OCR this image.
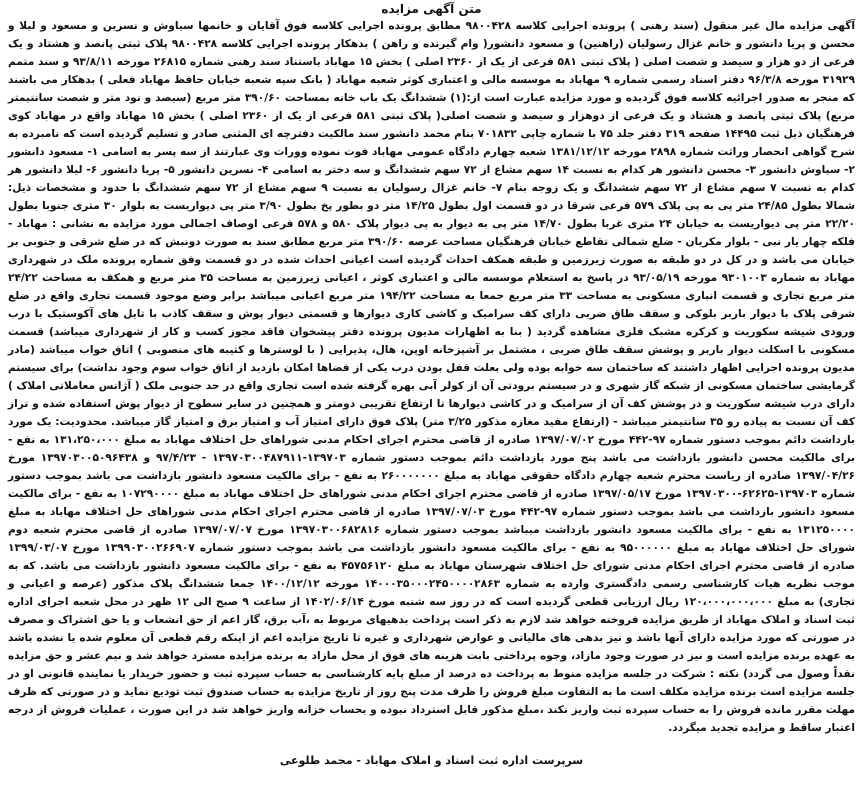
متن آگهی مزایده

آگهی مزایده مال غیر منقول (سند رهنی ) پرونده اجرایی کلاسه ۹۸۰۰۴۲۸ مطابق پرونده اجرایی کلاسه فوق آقایان و خانمها سیاوش و نسرین و مسعود و لیلا و محسن و پریا دانشور و خانم غزال رسولیان (راهنین) و مسعود دانشور( وام گیرنده و راهن ) بدهکار پرونده اجرایی کلاسه ۹۸۰۰۴۲۸ پلاک ثبتی پانصد و هشتاد و یک فرعی از دو هزار و سیصد و شصت اصلی ( پلاک ثبتی ۵۸۱ فرعی از یک از ۲۳۶۰ اصلی ) بخش ۱۵ مهاباد باستناد سند رهنی شماره ۲۶۸۱۵ مورخه ۹۳/۸/۱۱ و سند متمم ۳۱۹۲۹ مورخه ۹۶/۳/۸ دفتر اسناد رسمی شماره ۹ مهاباد به موسسه مالی و اعتباری کوثر شعبه مهاباد ( بانک سپه شعبه خیابان حافظ مهاباد فعلی ) بدهکار می باشند که منجر به صدور اجرائیه کلاسه فوق گردیده و مورد مزایده عبارت است از:(۱) ششدانگ یک باب خانه بمساحت ۳۹۰/۶۰ متر مربع (سیصد و نود متر و شصت سانتیمتر مربع) پلاک ثبتی پانصد و هشتاد و یک فرعی از دوهزار و سیصد و شصت اصلی( پلاک ثبتی ۵۸۱ فرعی از یک از ۲۳۶۰ اصلی ) بخش ۱۵ مهاباد واقع در مهاباد کوی فرهنگیان ذیل ثبت ۱۴۴۹۵ صفحه ۳۱۹ دفتر جلد ۷۵ با شماره چاپی ۷۰۱۸۳۲ بنام محمد دانشور سند مالکیت دفترچه ای المثنی صادر و تسلیم گردیده است که نامبرده به شرح گواهی انحصار وراثت شماره ۲۸۹۸ مورخه ۱۳۸۱/۱۲/۱۲ شعبه چهارم دادگاه عمومی مهاباد فوت نموده وورات وی عبارتند از سه پسر به اسامی ۱- مسعود دانشور ۲- سیاوش دانشور ۳- محسن دانشور هر کدام به نسبت ۱۴ سهم مشاع از ۷۲ سهم ششدانگ و سه دختر به اسامی ۴- نسرین دانشور ۵- پریا دانشور ۶- لیلا دانشور هر کدام به نسبت ۷ سهم مشاع از ۷۲ سهم ششدانگ و یک زوجه بنام ۷- خانم غزال رسولیان به نسبت ۹ سهم مشاع از ۷۲ سهم ششدانگ با حدود و مشخصات ذیل: شمالا بطول ۲۴/۸۵ متر پی به پی پلاک ۵۷۹ فرعی شرقا در دو قسمت اول بطول ۱۴/۲۵ متر دو بطور پخ بطول ۳/۹۰ متر پی دیواریست به بلوار ۳۰ متری جنوبا بطول ۲۲/۲۰ متر پی دیواریست به خیابان ۲۴ متری غربا بطول ۱۴/۷۰ متر پی به دیوار به پی دیوار پلاک ۵۸۰ و ۵۷۸ فرعی اوصاف اجمالی مورد مزایده به نشانی : مهاباد - فلکه چهار یار نبی - بلوار مکریان - ضلع شمالی تقاطع خیابان فرهنگیان مساحت عرصه ۳۹۰/۶۰ متر مربع مطابق سند به صورت دونبش که در ضلع شرقی و جنوبی بر خیابان می باشد و در کل در دو طبقه به صورت زیرزمین و طبقه همکف احداث گردیده است اعیانی احداث شده در دو قسمت وفق شماره پرونده ملک در شهرداری مهاباد به شماره ۹۳۰۱۰۰۳ مورخه ۹۳/۰۵/۱۹ در پاسخ به استعلام موسسه مالی و اعتباری کوثر ، اعیانی زیرزمین به مساحت ۳۵ متر مربع و همکف به مساحت ۲۴/۲۲ متر مربع تجاری و قسمت انباری مسکونی به مساحت ۳۳ متر مربع جمعا به مساحت ۱۹۴/۲۲ متر مربع اعیانی میباشد برابر وضع موجود قسمت تجاری واقع در ضلع شرقی پلاک با دیوار باربر بلوکی و سقف طاق ضربی دارای کف سرامیک و کاشی کاری دیوارها و قسمتی دیوار پوش و سقف کاذب با تایل های آکوستیک با درب ورودی شیشه سکوریت و کرکره مشبک فلزی مشاهده گردید ( بنا به اظهارات مدیون پرونده دفتر پیشخوان فاقد مجوز کسب و کار از شهرداری میباشد) قسمت مسکونی با اسکلت دیوار باربر و پوشش سقف طاق ضربی ، مشتمل بر آشپزخانه اوپن، هال، پذیرایی ( با لوسترها و کتیبه های منصوبی ) اتاق خواب میباشد (مادر مدیون پرونده اجرایی اظهار داشتند که ساختمان سه خوابه بوده ولی بعلت قفل بودن درب یکی از فضاها امکان بازدید از اتاق خواب سوم وجود نداشت) برای سیستم گرمایشی ساختمان مسکونی از شبکه گاز شهری و در سیستم برودتی آن از کولر آبی بهره گرفته شده است تجاری واقع در حد جنوبی ملک ( آژانس معاملاتی املاک ) دارای درب شیشه سکوریت و در پوشش کف آن از سرامیک و در کاشی دیوارها تا ارتفاع تقریبی دومتر و همچنین در سایر سطوح از دیوار پوش استفاده شده و تراز کف آن نسبت به پیاده رو ۳۵ سانتیمتر میباشد - (ارتفاع مفید مغازه مذکور ۳/۲۵ متر) پلاک فوق دارای امتیاز آب و امتیاز برق و امتیاز گاز میباشد. محدودیت: یک مورد بازداشت دائم بموجب دستور شماره ۹۷-۴۴۲ مورخ ۱۳۹۷/۰۷/۰۲ صادره از قاضی محترم اجرای احکام مدنی شوراهای حل اختلاف مهاباد به مبلغ ۱۳۱،۲۵۰،۰۰۰ به نفع - برای مالکیت محسن دانشور بازداشت می باشد پنج مورد بازداشت دائم بموجب دستور شماره ۱۳۹۷۰۳-۱۳۹۷۰۳۰۰۴۸۷۹۱۱ - ۹۷/۴/۲۳ و ۱۳۹۷۰۳۰۰۵۰۹۶۴۳۸ مورخ ۱۳۹۷/۰۴/۲۶ صادره از ریاست محترم شعبه چهارم دادگاه حقوقی مهاباد به مبلغ ۲۶۰۰۰۰۰۰۰ به نفع - برای مالکیت مسعود دانشور بازداشت می باشد بموجب دستور شماره ۱۳۹۷۰۳-۶۲۶۲۵-۱۳۹۷۰۳۰۰ مورخ ۱۳۹۷/۰۵/۱۷ صادره از قاضی محترم اجرای احکام مدنی شوراهای حل اختلاف مهاباد به مبلغ ۱۰۷۲۹۰۰۰۰ به نفع - برای مالکیت مسعود دانشور بازداشت می باشد بموجب دستور شماره ۹۷-۴۴۲ مورخ ۱۳۹۷/۰۷/۰۳ صادره از قاضی محترم اجرای احکام مدنی شوراهای حل اختلاف مهاباد به مبلغ ۱۳۱۲۵۰۰۰۰ به نفع - برای مالکیت مسعود دانشور بازداشت میباشد بموجب دستور شماره ۱۳۹۷۰۳۰۰۶۸۲۸۱۶ مورخ ۱۳۹۷/۰۷/۰۷ صادره از قاضی محترم شعبه دوم شورای حل اختلاف مهاباد به مبلغ ۹۵۰۰۰۰۰۰ به نفع - برای مالکیت مسعود دانشور بازداشت می باشد بموجب دستور شماره ۱۳۹۹۰۳۰۰۲۶۶۹۰۷ مورخ ۱۳۹۹/۰۳/۰۷ صادره از قاضی محترم اجرای احکام مدنی شورای حل اختلاف شهرستان مهاباد به مبلغ ۴۵۷۵۶۱۲۰ به نفع - برای مالکیت مسعود دانشور بازداشت می باشد. که به موجب نظریه هیات کارشناسی رسمی دادگستری وارده به شماره ۱۴۰۰۰۳۵۰۰۰۲۴۵۰۰۰۰۲۸۶۳ مورخه ۱۴۰۰/۱۲/۱۲ جمعا ششدانگ پلاک مذکور (عرصه و اعیانی و تجاری) به مبلغ ۱۲۰،۰۰۰،۰۰۰،۰۰۰ ریال ارزیابی قطعی گردیده است که در روز سه شنبه مورخ ۱۴۰۲/۰۶/۱۴ از ساعت ۹ صبح الی ۱۲ ظهر در محل شعبه اجرای اداره ثبت اسناد و املاک مهاباد از طریق مزایده فروخته خواهد شد لازم به ذکر است پرداخت بدهیهای مربوط به ،آب برق، گاز اعم از حق انشعاب و یا حق اشتراک و مصرف در صورتی که مورد مزایده دارای آنها باشد و نیز بدهی های مالیاتی و عوارض شهرداری و غیره تا تاریخ مزایده اعم از اینکه رقم قطعی آن معلوم شده یا نشده باشد به عهده برنده مزایده است و نیز در صورت وجود مازاد، وجوه پرداختی بابت هزینه های فوق از محل مازاد به برنده مزایده مسترد خواهد شد و نیم عشر و حق مزایده نقداً وصول می گردد) نکته : شرکت در جلسه مزایده منوط به پرداخت ده درصد از مبلغ پایه کارشناسی به حساب سپرده ثبت و حضور خریدار یا نماینده قانونی او در جلسه مزایده است برنده مزایده مکلف است ما به التفاوت مبلغ فروش را ظرف مدت پنج روز از تاریخ مزایده به حساب صندوق ثبت تودیع نماید و در صورتی که ظرف مهلت مقرر مانده فروش را به حساب سپرده ثبت واریز نکند ،مبلغ مذکور قابل استرداد نبوده و بحساب خزانه واریز خواهد شد در این صورت ، عملیات فروش از درجه اعتبار ساقط و مزایده تجدید میگردد.

سرپرست اداره ثبت اسناد و املاک مهاباد - محمد طلوعی
